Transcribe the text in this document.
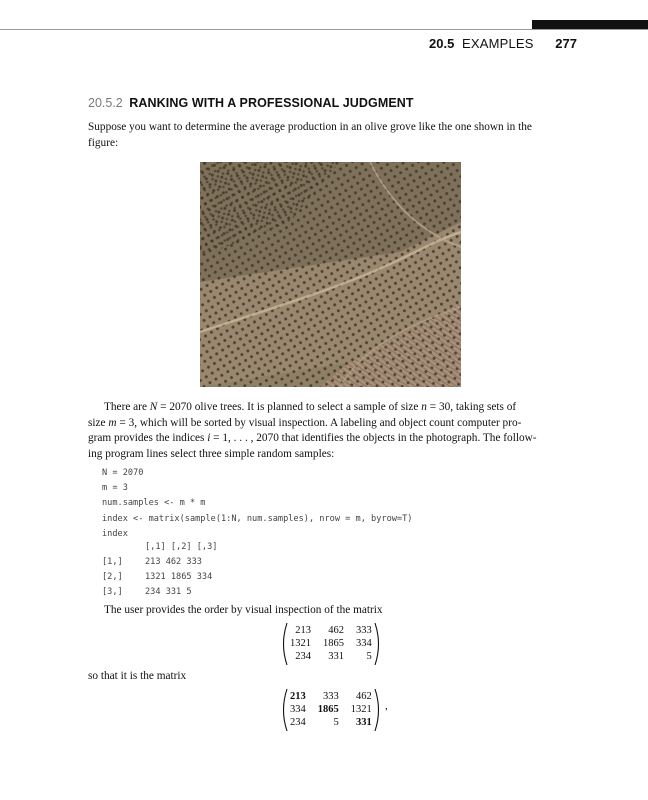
20.5 EXAMPLES 277
20.5.2 RANKING WITH A PROFESSIONAL JUDGMENT
Suppose you want to determine the average production in an olive grove like the one shown in the
figure:
There are N = 2070 olive trees. It is planned to select a sample of size n = 30, taking sets of
size m = 3, which will be sorted by visual inspection. A labeling and object count computer pro-
gram provides the indices i = 1, . . . , 2070 that identifies the objects in the photograph. The follow-
ing program lines select three simple random samples:
N = 2070
m = 3
num.samples <- m * m
index <- matrix(sample(1:N, num.samples), nrow = m, byrow=T)
index
[,1] [,2] [,3]
[1,]	213 462 333
[2,]	1321 1865 334
[3,]	234 331 5
The user provides the order by visual inspection of the matrix
213	462	333
1321	1865	334
234	331	5
so that it is the matrix
213	333	462
334	1865	1321
234	5	331
,
